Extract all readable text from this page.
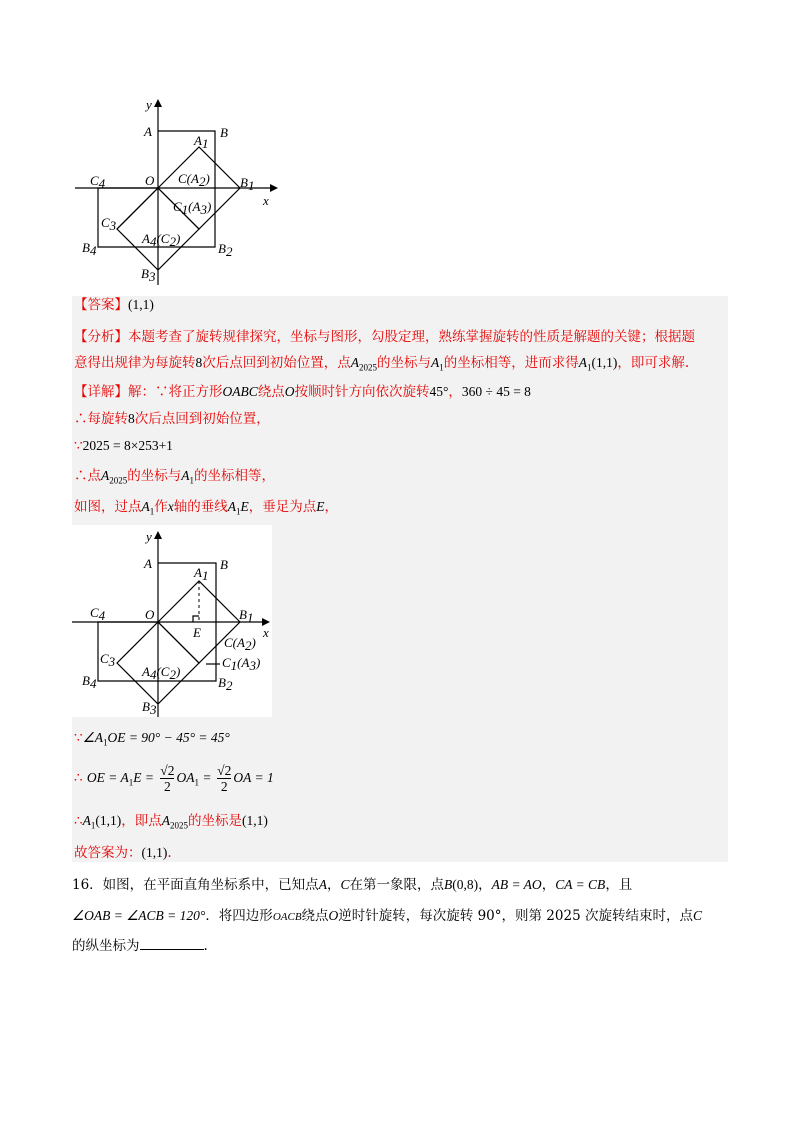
y
x
A	B
A1
O
C4	C(A2) B1
C3
C1(A3)
B4
A4(C2)
B2
B3
【答案】(1,1)
【分析】本题考查了旋转规律探究，坐标与图形，勾股定理，熟练掌握旋转的性质是解题的关键；根据题
意得出规律为每旋转8次后点回到初始位置，点$A_{2025}$的坐标与$A_1$的坐标相等，进而求得$A_1(1,1)$，即可求解.
【详解】解：∵将正方形OABC绕点O按顺时针方向依次旋转45°，360 ÷ 45 = 8
∴每旋转8次后点回到初始位置，
∵2025 = 8×253+1
∴点$A_{2025}$的坐标与$A_1$的坐标相等，
如图，过点$A_1$作x轴的垂线$A_1E$，垂足为点E，
y
x
A	B
A1
O
E
C4	B1
C(A2)
C1(A3)
C3
A4(C2)
B4	B2
B3
$\because\angle A_1OE = 90^\circ - 45^\circ = 45^\circ$
∴ OE = $A_1E = \frac{√2}{2} OA_1 = \frac{√2}{2}$ OA = 1
$\therefore A_1(1,1)$，即点$A_{2025}$的坐标是(1,1)
故答案为：(1,1).
16．如图，在平面直角坐标系中，已知点A，C在第一象限，点B(0,8)，AB = AO，CA = CB，且
∠OAB = ∠ACB = 120°．将四边形OACB绕点O逆时针旋转，每次旋转 90°，则第 2025 次旋转结束时，点C
的纵坐标为	.
